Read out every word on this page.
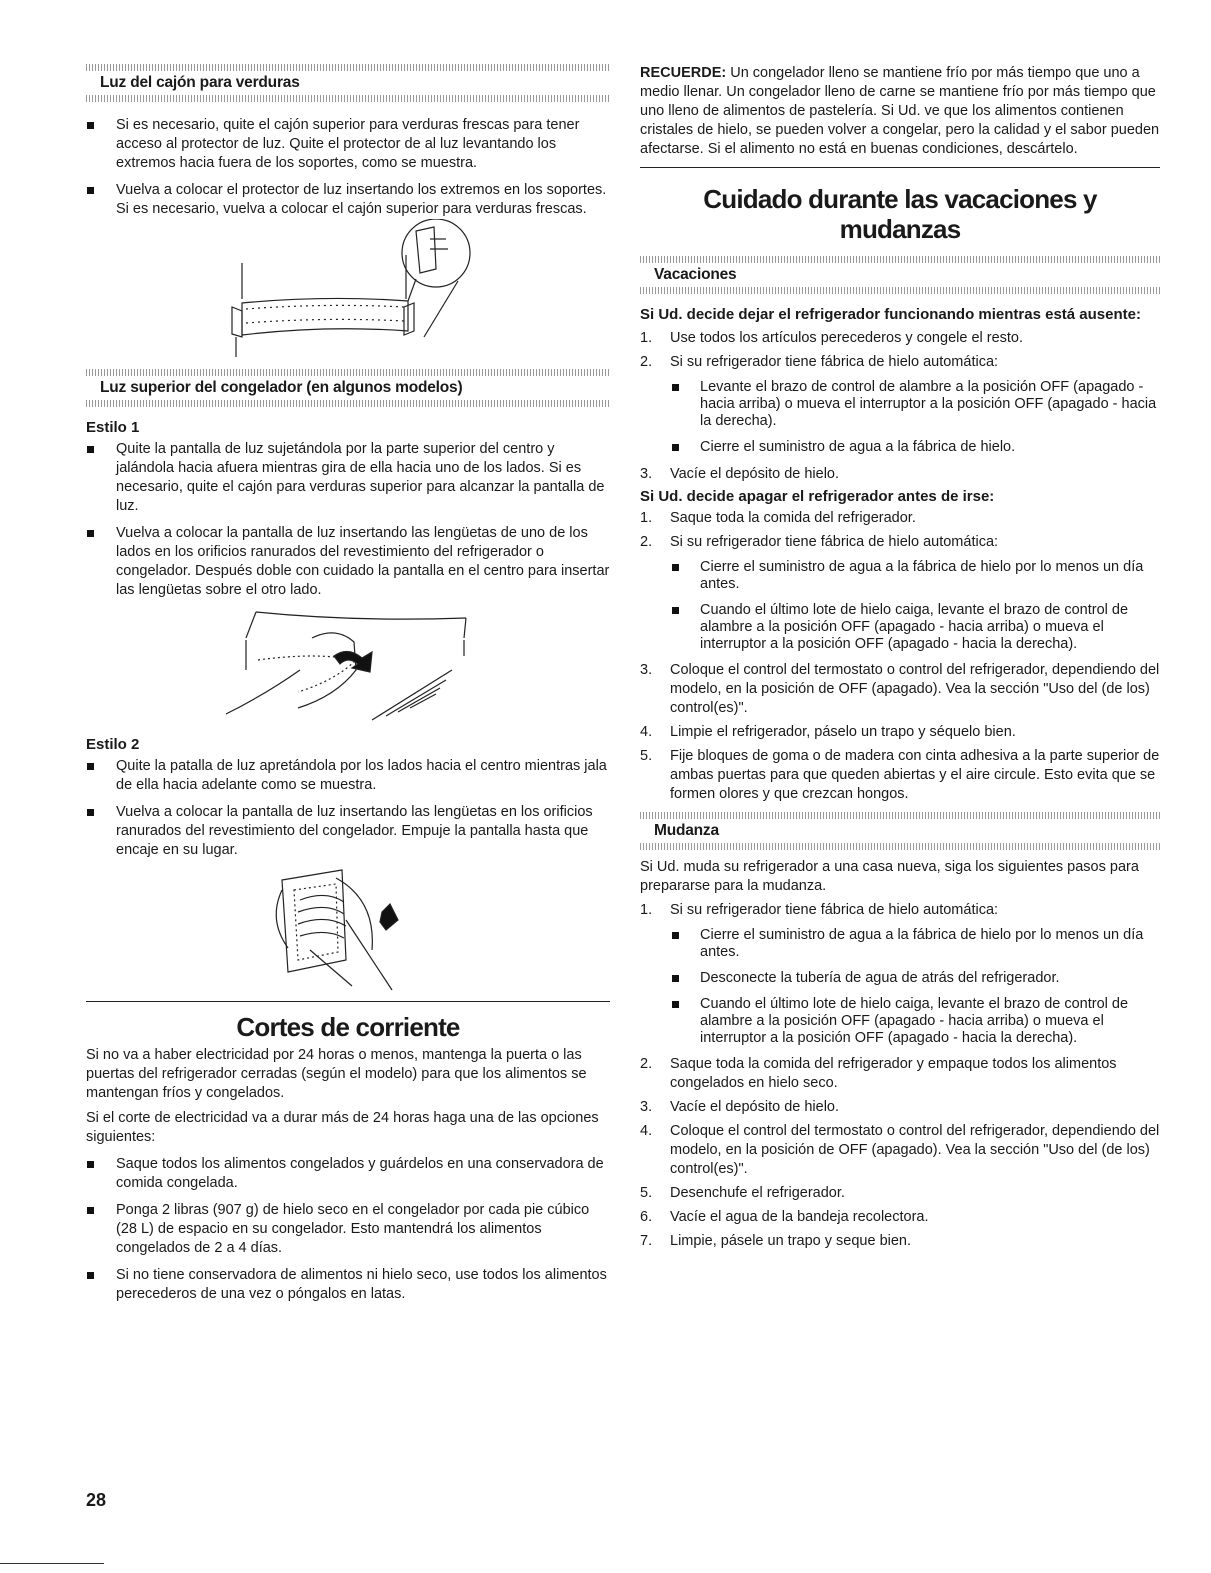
Luz del cajón para verduras
Si es necesario, quite el cajón superior para verduras frescas para tener acceso al protector de luz. Quite el protector de al luz levantando los extremos hacia fuera de los soportes, como se muestra.
Vuelva a colocar el protector de luz insertando los extremos en los soportes. Si es necesario, vuelva a colocar el cajón superior para verduras frescas.
Luz superior del congelador (en algunos modelos)
Estilo 1
Quite la pantalla de luz sujetándola por la parte superior del centro y jalándola hacia afuera mientras gira de ella hacia uno de los lados. Si es necesario, quite el cajón para verduras superior para alcanzar la pantalla de luz.
Vuelva a colocar la pantalla de luz insertando las lengüetas de uno de los lados en los orificios ranurados del revestimiento del refrigerador o congelador. Después doble con cuidado la pantalla en el centro para insertar las lengüetas sobre el otro lado.
Estilo 2
Quite la patalla de luz apretándola por los lados hacia el centro mientras jala de ella hacia adelante como se muestra.
Vuelva a colocar la pantalla de luz insertando las lengüetas en los orificios ranurados del revestimiento del congelador. Empuje la pantalla hasta que encaje en su lugar.
Cortes de corriente

Si no va a haber electricidad por 24 horas o menos, mantenga la puerta o las puertas del refrigerador cerradas (según el modelo) para que los alimentos se mantengan fríos y congelados.

Si el corte de electricidad va a durar más de 24 horas haga una de las opciones siguientes:

Saque todos los alimentos congelados y guárdelos en una conservadora de comida congelada.
Ponga 2 libras (907 g) de hielo seco en el congelador por cada pie cúbico (28 L) de espacio en su congelador. Esto mantendrá los alimentos congelados de 2 a 4 días.
Si no tiene conservadora de alimentos ni hielo seco, use todos los alimentos perecederos de una vez o póngalos en latas.

RECUERDE: Un congelador lleno se mantiene frío por más tiempo que uno a medio llenar. Un congelador lleno de carne se mantiene frío por más tiempo que uno lleno de alimentos de pastelería. Si Ud. ve que los alimentos contienen cristales de hielo, se pueden volver a congelar, pero la calidad y el sabor pueden afectarse. Si el alimento no está en buenas condiciones, descártelo.

Cuidado durante las vacaciones y
mudanzas
Vacaciones
Si Ud. decide dejar el refrigerador funcionando mientras está ausente:
1. Use todos los artículos perecederos y congele el resto.
2. Si su refrigerador tiene fábrica de hielo automática:
Levante el brazo de control de alambre a la posición OFF (apagado - hacia arriba) o mueva el interruptor a la posición OFF (apagado - hacia la derecha).
Cierre el suministro de agua a la fábrica de hielo.
3. Vacíe el depósito de hielo.
Si Ud. decide apagar el refrigerador antes de irse:
1. Saque toda la comida del refrigerador.
2. Si su refrigerador tiene fábrica de hielo automática:
Cierre el suministro de agua a la fábrica de hielo por lo menos un día antes.
Cuando el último lote de hielo caiga, levante el brazo de control de alambre a la posición OFF (apagado - hacia arriba) o mueva el interruptor a la posición OFF (apagado - hacia la derecha).
3. Coloque el control del termostato o control del refrigerador, dependiendo del modelo, en la posición de OFF (apagado). Vea la sección "Uso del (de los) control(es)".
4. Limpie el refrigerador, páselo un trapo y séquelo bien.
5. Fije bloques de goma o de madera con cinta adhesiva a la parte superior de ambas puertas para que queden abiertas y el aire circule. Esto evita que se formen olores y que crezcan hongos.
Mudanza

Si Ud. muda su refrigerador a una casa nueva, siga los siguientes pasos para prepararse para la mudanza.

1. Si su refrigerador tiene fábrica de hielo automática:
Cierre el suministro de agua a la fábrica de hielo por lo menos un día antes.
Desconecte la tubería de agua de atrás del refrigerador.
Cuando el último lote de hielo caiga, levante el brazo de control de alambre a la posición OFF (apagado - hacia arriba) o mueva el interruptor a la posición OFF (apagado - hacia la derecha).
2. Saque toda la comida del refrigerador y empaque todos los alimentos congelados en hielo seco.
3. Vacíe el depósito de hielo.
4. Coloque el control del termostato o control del refrigerador, dependiendo del modelo, en la posición de OFF (apagado). Vea la sección "Uso del (de los) control(es)".
5. Desenchufe el refrigerador.
6. Vacíe el agua de la bandeja recolectora.
7. Limpie, pásele un trapo y seque bien.
28
